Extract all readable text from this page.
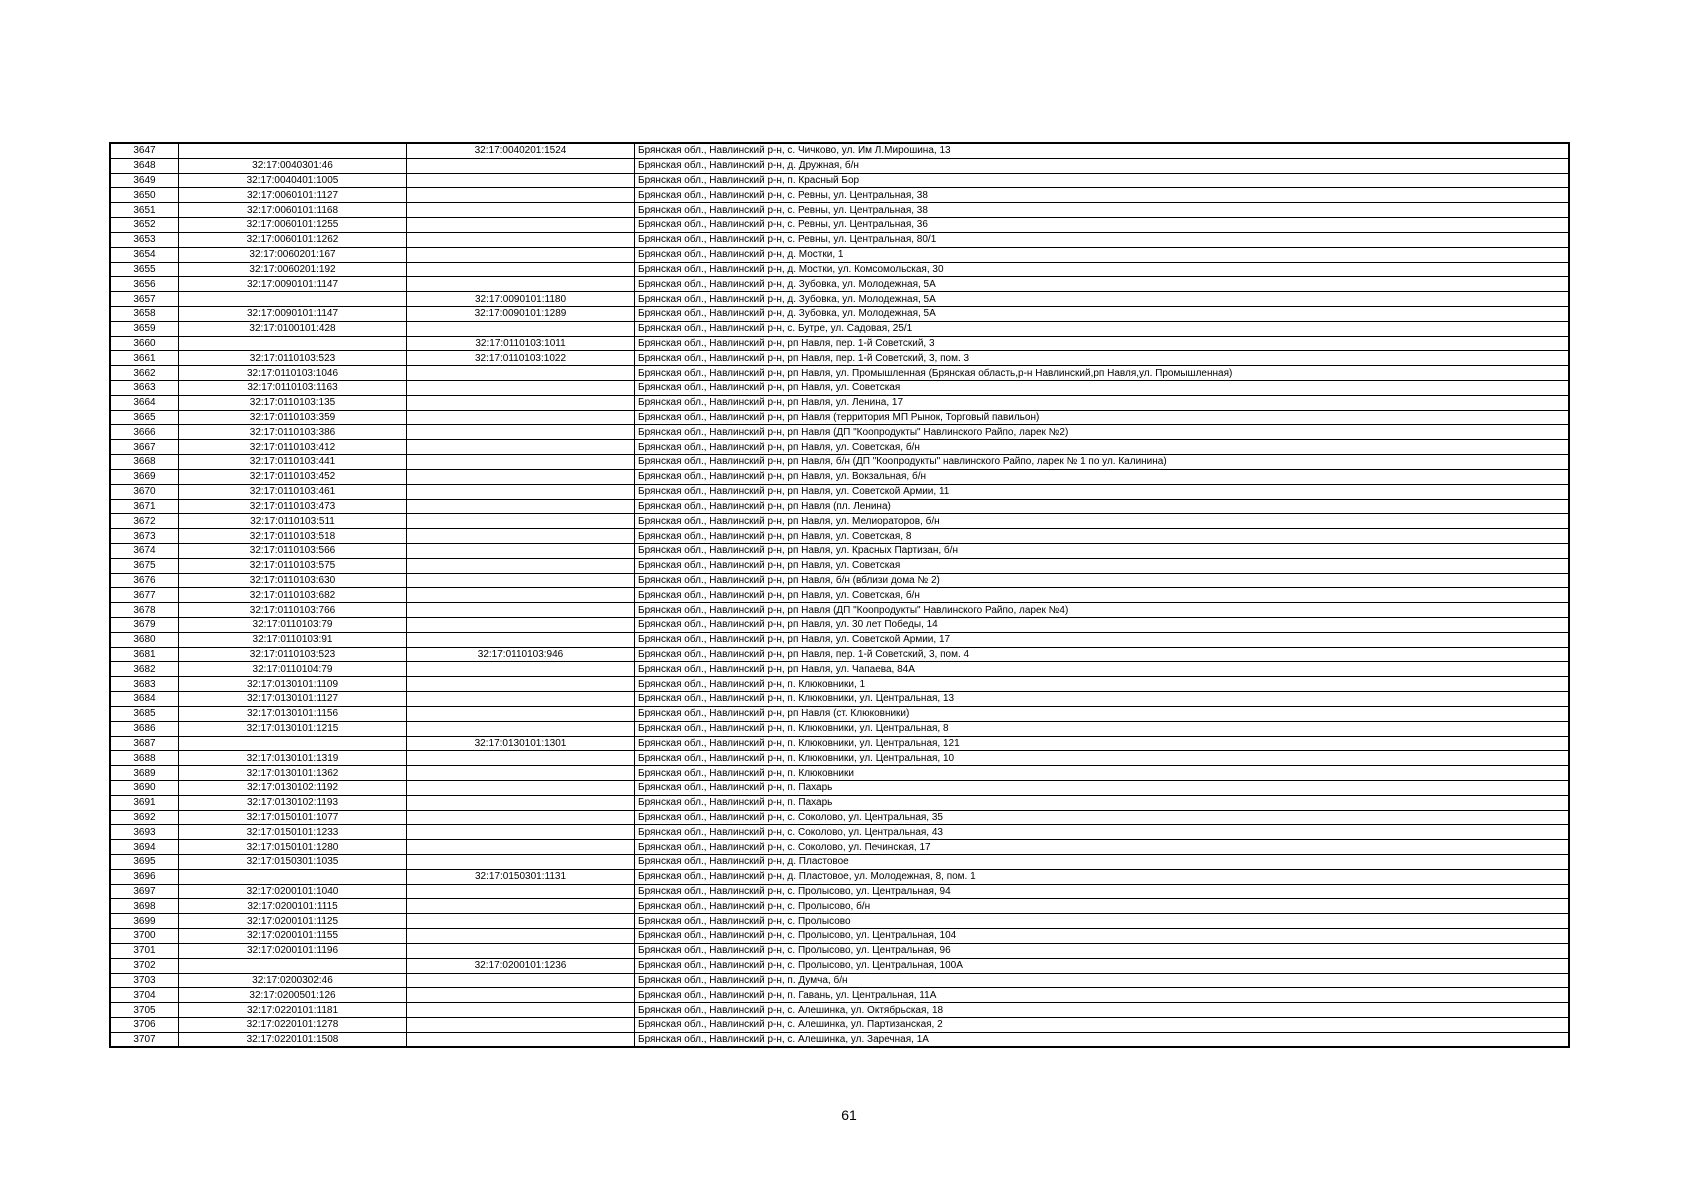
3647		32:17:0040201:1524	Брянская обл., Навлинский р-н, с. Чичково, ул. Им Л.Мирошина, 13
3648	32:17:0040301:46		Брянская обл., Навлинский р-н, д. Дружная, б/н
3649	32:17:0040401:1005		Брянская обл., Навлинский р-н, п. Красный Бор
3650	32:17:0060101:1127		Брянская обл., Навлинский р-н, с. Ревны, ул. Центральная, 38
3651	32:17:0060101:1168		Брянская обл., Навлинский р-н, с. Ревны, ул. Центральная, 38
3652	32:17:0060101:1255		Брянская обл., Навлинский р-н, с. Ревны, ул. Центральная, 36
3653	32:17:0060101:1262		Брянская обл., Навлинский р-н, с. Ревны, ул. Центральная, 80/1
3654	32:17:0060201:167		Брянская обл., Навлинский р-н, д. Мостки, 1
3655	32:17:0060201:192		Брянская обл., Навлинский р-н, д. Мостки, ул. Комсомольская, 30
3656	32:17:0090101:1147		Брянская обл., Навлинский р-н, д. Зубовка, ул. Молодежная, 5А
3657		32:17:0090101:1180	Брянская обл., Навлинский р-н, д. Зубовка, ул. Молодежная, 5А
3658	32:17:0090101:1147	32:17:0090101:1289	Брянская обл., Навлинский р-н, д. Зубовка, ул. Молодежная, 5А
3659	32:17:0100101:428		Брянская обл., Навлинский р-н, с. Бутре, ул. Садовая, 25/1
3660		32:17:0110103:1011	Брянская обл., Навлинский р-н, рп Навля, пер. 1-й Советский, 3
3661	32:17:0110103:523	32:17:0110103:1022	Брянская обл., Навлинский р-н, рп Навля, пер. 1-й Советский, 3, пом. 3
3662	32:17:0110103:1046		Брянская обл., Навлинский р-н, рп Навля, ул. Промышленная (Брянская область,р-н Навлинский,рп Навля,ул. Промышленная)
3663	32:17:0110103:1163		Брянская обл., Навлинский р-н, рп Навля, ул. Советская
3664	32:17:0110103:135		Брянская обл., Навлинский р-н, рп Навля, ул. Ленина, 17
3665	32:17:0110103:359		Брянская обл., Навлинский р-н, рп Навля (территория МП Рынок, Торговый павильон)
3666	32:17:0110103:386		Брянская обл., Навлинский р-н, рп Навля (ДП "Коопродукты" Навлинского Райпо, ларек №2)
3667	32:17:0110103:412		Брянская обл., Навлинский р-н, рп Навля, ул. Советская, б/н
3668	32:17:0110103:441		Брянская обл., Навлинский р-н, рп Навля, б/н (ДП "Коопродукты" навлинского Райпо, ларек № 1 по ул. Калинина)
3669	32:17:0110103:452		Брянская обл., Навлинский р-н, рп Навля, ул. Вокзальная, б/н
3670	32:17:0110103:461		Брянская обл., Навлинский р-н, рп Навля, ул. Советской Армии, 11
3671	32:17:0110103:473		Брянская обл., Навлинский р-н, рп Навля (пл. Ленина)
3672	32:17:0110103:511		Брянская обл., Навлинский р-н, рп Навля, ул. Мелиораторов, б/н
3673	32:17:0110103:518		Брянская обл., Навлинский р-н, рп Навля, ул. Советская, 8
3674	32:17:0110103:566		Брянская обл., Навлинский р-н, рп Навля, ул. Красных Партизан, б/н
3675	32:17:0110103:575		Брянская обл., Навлинский р-н, рп Навля, ул. Советская
3676	32:17:0110103:630		Брянская обл., Навлинский р-н, рп Навля, б/н (вблизи дома № 2)
3677	32:17:0110103:682		Брянская обл., Навлинский р-н, рп Навля, ул. Советская, б/н
3678	32:17:0110103:766		Брянская обл., Навлинский р-н, рп Навля (ДП "Коопродукты" Навлинского Райпо, ларек №4)
3679	32:17:0110103:79		Брянская обл., Навлинский р-н, рп Навля, ул. 30 лет Победы, 14
3680	32:17:0110103:91		Брянская обл., Навлинский р-н, рп Навля, ул. Советской Армии, 17
3681	32:17:0110103:523	32:17:0110103:946	Брянская обл., Навлинский р-н, рп Навля, пер. 1-й Советский, 3, пом. 4
3682	32:17:0110104:79		Брянская обл., Навлинский р-н, рп Навля, ул. Чапаева, 84А
3683	32:17:0130101:1109		Брянская обл., Навлинский р-н, п. Клюковники, 1
3684	32:17:0130101:1127		Брянская обл., Навлинский р-н, п. Клюковники, ул. Центральная, 13
3685	32:17:0130101:1156		Брянская обл., Навлинский р-н, рп Навля (ст. Клюковники)
3686	32:17:0130101:1215		Брянская обл., Навлинский р-н, п. Клюковники, ул. Центральная, 8
3687		32:17:0130101:1301	Брянская обл., Навлинский р-н, п. Клюковники, ул. Центральная, 121
3688	32:17:0130101:1319		Брянская обл., Навлинский р-н, п. Клюковники, ул. Центральная, 10
3689	32:17:0130101:1362		Брянская обл., Навлинский р-н, п. Клюковники
3690	32:17:0130102:1192		Брянская обл., Навлинский р-н, п. Пахарь
3691	32:17:0130102:1193		Брянская обл., Навлинский р-н, п. Пахарь
3692	32:17:0150101:1077		Брянская обл., Навлинский р-н, с. Соколово, ул. Центральная, 35
3693	32:17:0150101:1233		Брянская обл., Навлинский р-н, с. Соколово, ул. Центральная, 43
3694	32:17:0150101:1280		Брянская обл., Навлинский р-н, с. Соколово, ул. Печинская, 17
3695	32:17:0150301:1035		Брянская обл., Навлинский р-н, д. Пластовое
3696		32:17:0150301:1131	Брянская обл., Навлинский р-н, д. Пластовое, ул. Молодежная, 8, пом. 1
3697	32:17:0200101:1040		Брянская обл., Навлинский р-н, с. Пролысово, ул. Центральная, 94
3698	32:17:0200101:1115		Брянская обл., Навлинский р-н, с. Пролысово, б/н
3699	32:17:0200101:1125		Брянская обл., Навлинский р-н, с. Пролысово
3700	32:17:0200101:1155		Брянская обл., Навлинский р-н, с. Пролысово, ул. Центральная, 104
3701	32:17:0200101:1196		Брянская обл., Навлинский р-н, с. Пролысово, ул. Центральная, 96
3702		32:17:0200101:1236	Брянская обл., Навлинский р-н, с. Пролысово, ул. Центральная, 100А
3703	32:17:0200302:46		Брянская обл., Навлинский р-н, п. Думча, б/н
3704	32:17:0200501:126		Брянская обл., Навлинский р-н, п. Гавань, ул. Центральная, 11А
3705	32:17:0220101:1181		Брянская обл., Навлинский р-н, с. Алешинка, ул. Октябрьская, 18
3706	32:17:0220101:1278		Брянская обл., Навлинский р-н, с. Алешинка, ул. Партизанская, 2
3707	32:17:0220101:1508		Брянская обл., Навлинский р-н, с. Алешинка, ул. Заречная, 1А
61
